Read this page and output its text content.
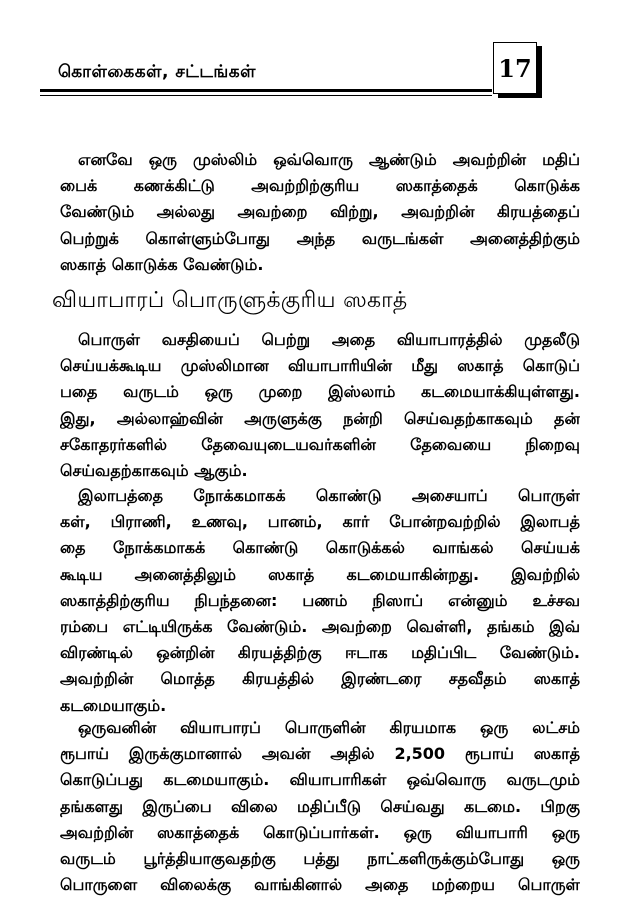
கொள்கைகள், சட்டங்கள்	17
எனவே ஒரு முஸ்லிம் ஒவ்வொரு ஆண்டும் அவற்றின் மதிப்
பைக் கணக்கிட்டு அவற்றிற்குரிய ஸகாத்தைக் கொடுக்க
வேண்டும் அல்லது அவற்றை விற்று, அவற்றின் கிரயத்தைப்
பெற்றுக் கொள்ளும்போது அந்த வருடங்கள் அனைத்திற்கும்
ஸகாத் கொடுக்க வேண்டும்.
வியாபாரப் பொருளுக்குரிய ஸகாத்
பொருள் வசதியைப் பெற்று அதை வியாபாரத்தில் முதலீடு
செய்யக்கூடிய முஸ்லிமான வியாபாரியின் மீது ஸகாத் கொடுப்
பதை வருடம் ஒரு முறை இஸ்லாம் கடமையாக்கியுள்ளது.
இது, அல்லாஹ்வின் அருளுக்கு நன்றி செய்வதற்காகவும் தன்
சகோதரர்களில் தேவையுடையவர்களின் தேவையை நிறைவு
செய்வதற்காகவும் ஆகும்.
இலாபத்தை நோக்கமாகக் கொண்டு அசையாப் பொருள்
கள், பிராணி, உணவு, பானம், கார் போன்றவற்றில் இலாபத்
தை நோக்கமாகக் கொண்டு கொடுக்கல் வாங்கல் செய்யக்
கூடிய அனைத்திலும் ஸகாத் கடமையாகின்றது. இவற்றில்
ஸகாத்திற்குரிய நிபந்தனை: பணம் நிஸாப் என்னும் உச்சவ
ரம்பை எட்டியிருக்க வேண்டும். அவற்றை வெள்ளி, தங்கம் இவ்
விரண்டில் ஒன்றின் கிரயத்திற்கு ஈடாக மதிப்பிட வேண்டும்.
அவற்றின் மொத்த கிரயத்தில் இரண்டரை சதவீதம் ஸகாத்
கடமையாகும்.
ஒருவனின் வியாபாரப் பொருளின் கிரயமாக ஒரு லட்சம்
ரூபாய் இருக்குமானால் அவன் அதில் 2,500 ரூபாய் ஸகாத்
கொடுப்பது கடமையாகும். வியாபாரிகள் ஒவ்வொரு வருடமும்
தங்களது இருப்பை விலை மதிப்பீடு செய்வது கடமை. பிறகு
அவற்றின் ஸகாத்தைக் கொடுப்பார்கள். ஒரு வியாபாரி ஒரு
வருடம் பூர்த்தியாகுவதற்கு பத்து நாட்களிருக்கும்போது ஒரு
பொருளை விலைக்கு வாங்கினால் அதை மற்றைய பொருள்
